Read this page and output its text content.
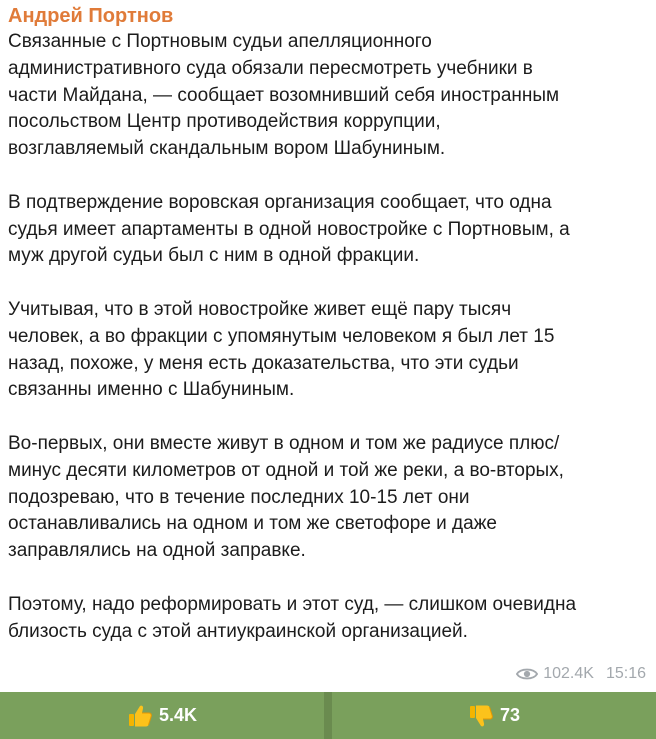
Андрей Портнов

Связанные с Портновым судьи апелляционного
административного суда обязали пересмотреть учебники в
части Майдана, — сообщает возомнивший себя иностранным
посольством Центр противодействия коррупции,
возглавляемый скандальным вором Шабуниным.

В подтверждение воровская организация сообщает, что одна
судья имеет апартаменты в одной новостройке с Портновым, а
муж другой судьи был с ним в одной фракции.

Учитывая, что в этой новостройке живет ещё пару тысяч
человек, а во фракции с упомянутым человеком я был лет 15
назад, похоже, у меня есть доказательства, что эти судьи
связанны именно с Шабуниным.

Во-первых, они вместе живут в одном и том же радиусе плюс/
минус десяти километров от одной и той же реки, а во-вторых,
подозреваю, что в течение последних 10-15 лет они
останавливались на одном и том же светофоре и даже
заправлялись на одной заправке.

Поэтому, надо реформировать и этот суд, — слишком очевидна
близость суда с этой антиукраинской организацией.

102.4K 15:16
5.4K	73
